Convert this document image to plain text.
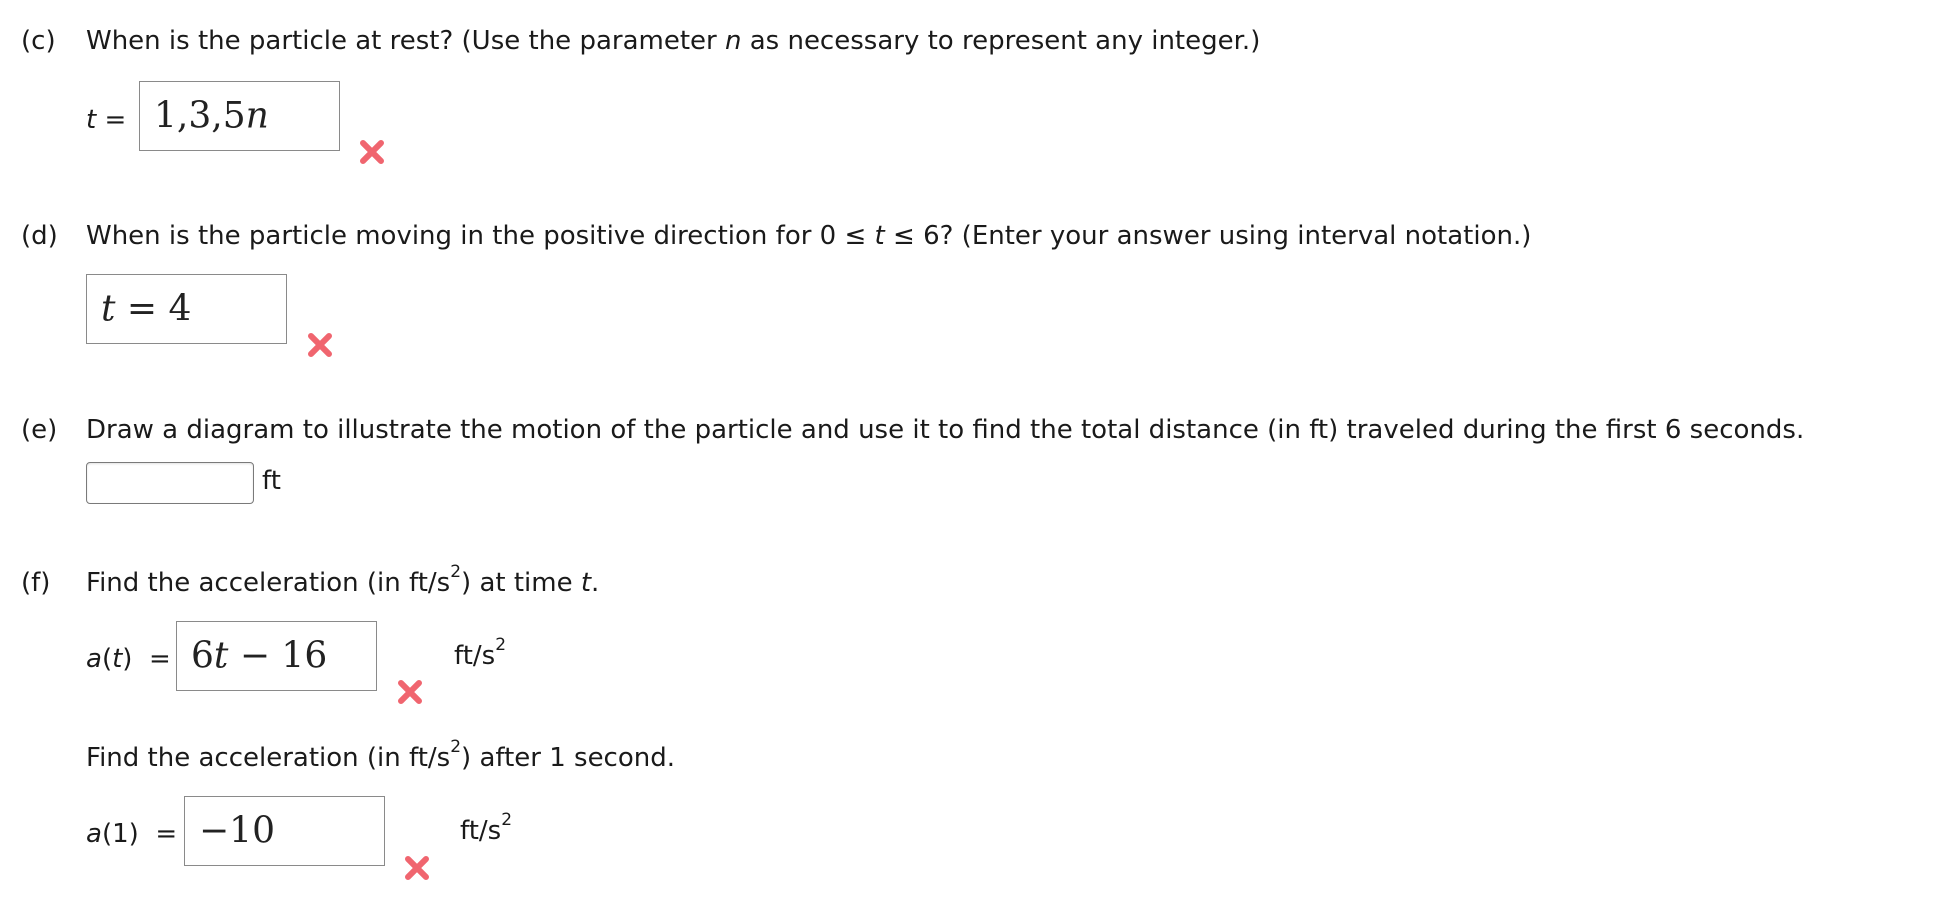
(c) When is the particle at rest? (Use the parameter n as necessary to represent any integer.)
t = 1,3,5n
(d) When is the particle moving in the positive direction for 0 ≤ t ≤ 6? (Enter your answer using interval notation.)
t = 4
(e) Draw a diagram to illustrate the motion of the particle and use it to find the total distance (in ft) traveled during the first 6 seconds.
ft
(f) Find the acceleration (in $ft/s^2$) at time t.
a(t)  = 6t − 16	$ft/s^2$
Find the acceleration (in $ft/s^2$) after 1 second.
a(1) = −10	$ft/s^2$
